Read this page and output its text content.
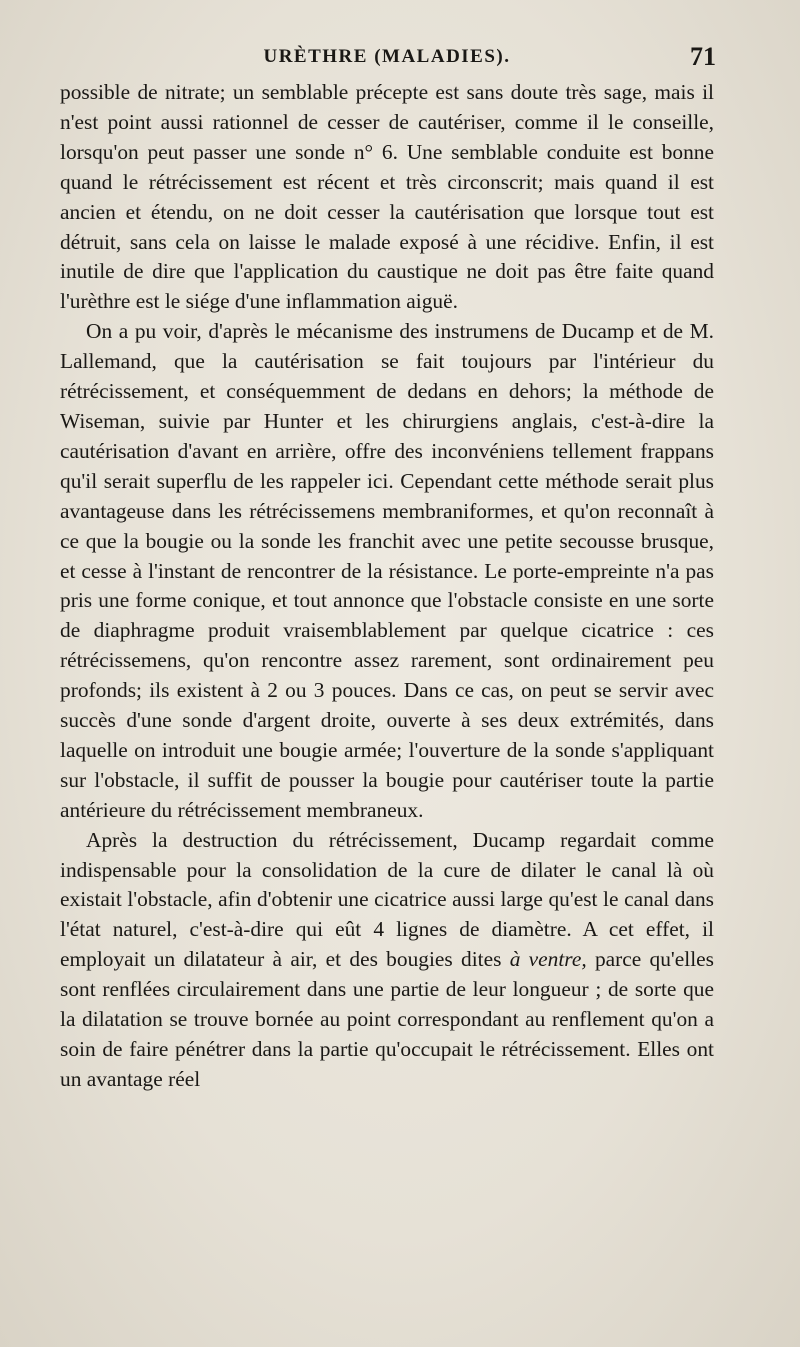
URÈTHRE (MALADIES).	71

possible de nitrate; un semblable précepte est sans doute très sage, mais il n'est point aussi rationnel de cesser de cautériser, comme il le conseille, lorsqu'on peut passer une sonde n° 6. Une semblable conduite est bonne quand le rétrécissement est récent et très circonscrit; mais quand il est ancien et étendu, on ne doit cesser la cautérisation que lorsque tout est détruit, sans cela on laisse le malade exposé à une récidive. Enfin, il est inutile de dire que l'application du caustique ne doit pas être faite quand l'urèthre est le siége d'une inflammation aiguë.

On a pu voir, d'après le mécanisme des instrumens de Ducamp et de M. Lallemand, que la cautérisation se fait toujours par l'intérieur du rétrécissement, et conséquemment de dedans en dehors; la méthode de Wiseman, suivie par Hunter et les chirurgiens anglais, c'est-à-dire la cautérisation d'avant en arrière, offre des inconvéniens tellement frappans qu'il serait superflu de les rappeler ici. Cependant cette méthode serait plus avantageuse dans les rétrécissemens membraniformes, et qu'on reconnaît à ce que la bougie ou la sonde les franchit avec une petite secousse brusque, et cesse à l'instant de rencontrer de la résistance. Le porte-empreinte n'a pas pris une forme conique, et tout annonce que l'obstacle consiste en une sorte de diaphragme produit vraisemblablement par quelque cicatrice : ces rétrécissemens, qu'on rencontre assez rarement, sont ordinairement peu profonds; ils existent à 2 ou 3 pouces. Dans ce cas, on peut se servir avec succès d'une sonde d'argent droite, ouverte à ses deux extrémités, dans laquelle on introduit une bougie armée; l'ouverture de la sonde s'appliquant sur l'obstacle, il suffit de pousser la bougie pour cautériser toute la partie antérieure du rétrécissement membraneux.

Après la destruction du rétrécissement, Ducamp regardait comme indispensable pour la consolidation de la cure de dilater le canal là où existait l'obstacle, afin d'obtenir une cicatrice aussi large qu'est le canal dans l'état naturel, c'est-à-dire qui eût 4 lignes de diamètre. A cet effet, il employait un dilatateur à air, et des bougies dites à ventre, parce qu'elles sont renflées circulairement dans une partie de leur longueur ; de sorte que la dilatation se trouve bornée au point correspondant au renflement qu'on a soin de faire pénétrer dans la partie qu'occupait le rétrécissement. Elles ont un avantage réel
